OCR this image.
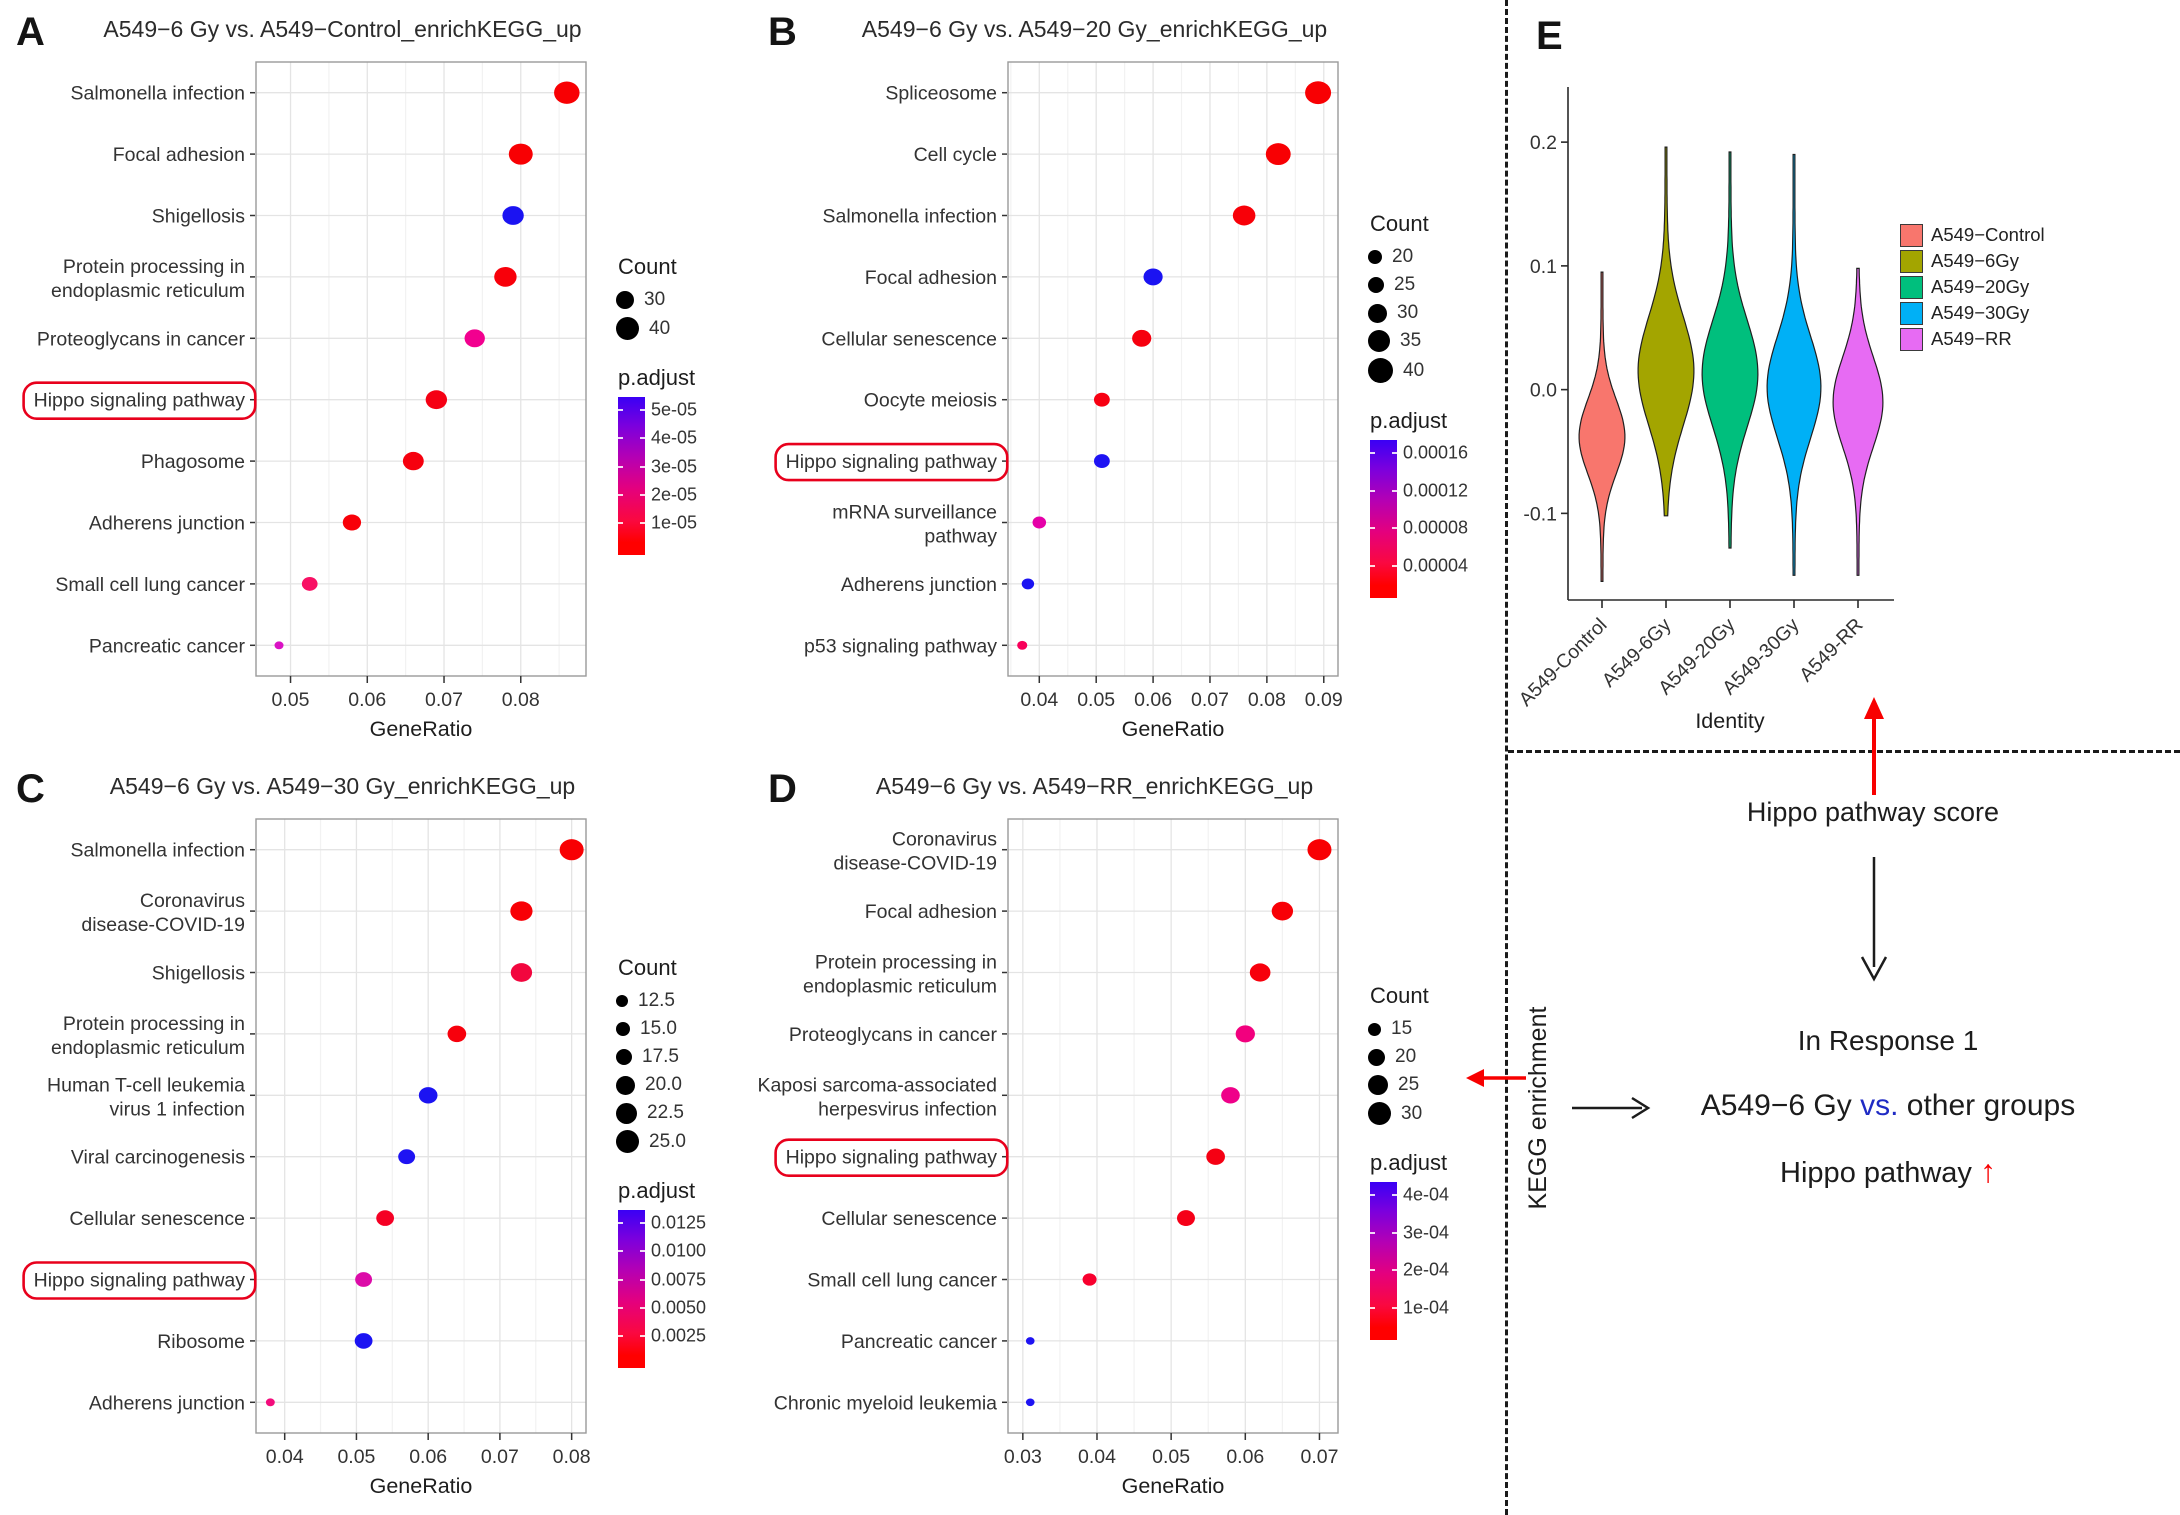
A	A549−6 Gy vs. A549−Control_enrichKEGG_up
Salmonella infection
Focal adhesion
Shigellosis
Protein processing in
endoplasmic reticulum
Proteoglycans in cancer
Hippo signaling pathway
Phagosome
Adherens junction
Small cell lung cancer
Pancreatic cancer
0.05 0.06 0.07 0.08
GeneRatio
Count
30
40
p.adjust
5e-05
4e-05
3e-05
2e-05
1e-05
B	A549−6 Gy vs. A549−20 Gy_enrichKEGG_up
Spliceosome
Cell cycle
Salmonella infection
Focal adhesion
Cellular senescence
Oocyte meiosis
Hippo signaling pathway
mRNA surveillance
pathway
Adherens junction
p53 signaling pathway
0.04 0.05 0.06 0.07 0.08 0.09
GeneRatio
Count
20
25
30
35
40
p.adjust
0.00016
0.00012
0.00008
0.00004
C	A549−6 Gy vs. A549−30 Gy_enrichKEGG_up
Salmonella infection
Coronavirus
disease-COVID-19
Shigellosis
Protein processing in
endoplasmic reticulum
Human T-cell leukemia
virus 1 infection
Viral carcinogenesis
Cellular senescence
Hippo signaling pathway
Ribosome
Adherens junction
0.04 0.05 0.06 0.07 0.08
GeneRatio
Count
12.5
15.0
17.5
20.0
22.5
25.0
p.adjust
0.0125
0.0100
0.0075
0.0050
0.0025
D	A549−6 Gy vs. A549−RR_enrichKEGG_up
Coronavirus
disease-COVID-19
Focal adhesion
Protein processing in
endoplasmic reticulum
Proteoglycans in cancer
Kaposi sarcoma-associated
herpesvirus infection
Hippo signaling pathway
Cellular senescence
Small cell lung cancer
Pancreatic cancer
Chronic myeloid leukemia
0.03 0.04 0.05 0.06 0.07
GeneRatio
Count
15
20
25
30
p.adjust
4e-04
3e-04
2e-04
1e-04
E
0.2
0.1
0.0
-0.1
A549-Control
A549-6Gy
A549-20Gy
A549-30Gy
A549-RR
Identity
A549−Control
A549−6Gy
A549−20Gy
A549−30Gy
A549−RR
Hippo pathway score
In Response 1
A549−6 Gy vs. other groups
Hippo pathway ↑
KEGG enrichment
